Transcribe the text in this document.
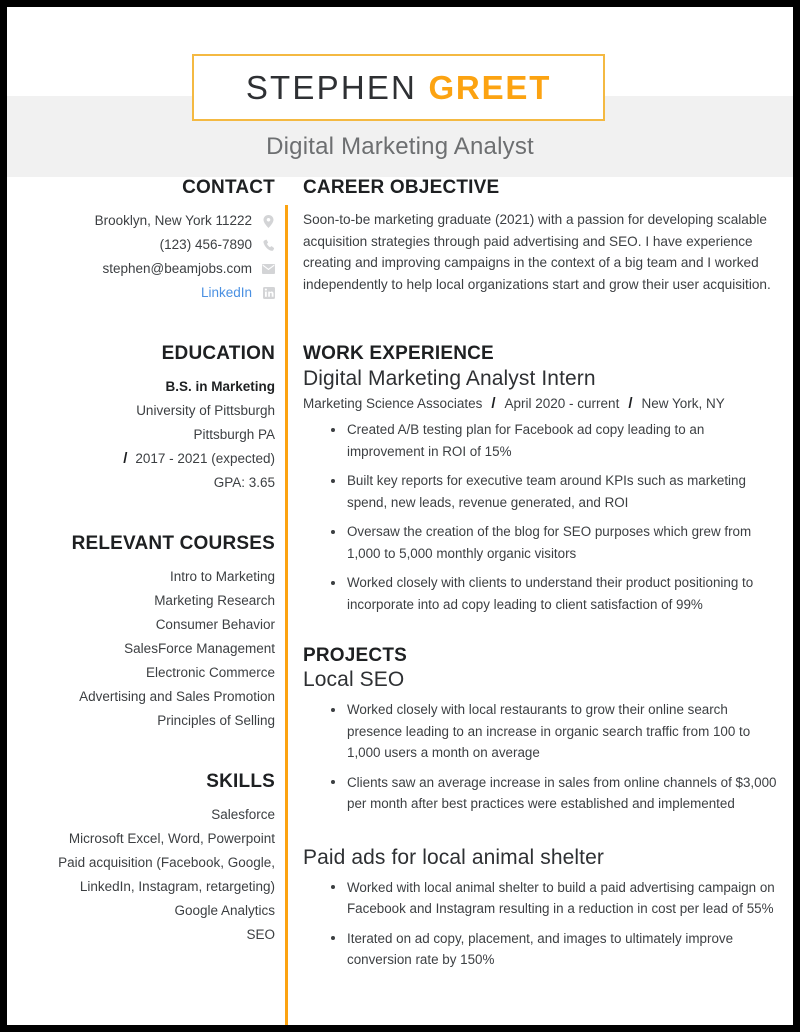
STEPHEN GREET
Digital Marketing Analyst
CONTACT
Brooklyn, New York 11222
(123) 456-7890
stephen@beamjobs.com
LinkedIn
EDUCATION
B.S. in Marketing
University of Pittsburgh
Pittsburgh PA
/ 2017 - 2021 (expected)
GPA: 3.65
RELEVANT COURSES
Intro to Marketing
Marketing Research
Consumer Behavior
SalesForce Management
Electronic Commerce
Advertising and Sales Promotion
Principles of Selling
SKILLS
Salesforce
Microsoft Excel, Word, Powerpoint
Paid acquisition (Facebook, Google, LinkedIn, Instagram, retargeting)
Google Analytics
SEO
CAREER OBJECTIVE
Soon-to-be marketing graduate (2021) with a passion for developing scalable acquisition strategies through paid advertising and SEO. I have experience creating and improving campaigns in the context of a big team and I worked independently to help local organizations start and grow their user acquisition.
WORK EXPERIENCE
Digital Marketing Analyst Intern
Marketing Science Associates / April 2020 - current / New York, NY
Created A/B testing plan for Facebook ad copy leading to an improvement in ROI of 15%
Built key reports for executive team around KPIs such as marketing spend, new leads, revenue generated, and ROI
Oversaw the creation of the blog for SEO purposes which grew from 1,000 to 5,000 monthly organic visitors
Worked closely with clients to understand their product positioning to incorporate into ad copy leading to client satisfaction of 99%
PROJECTS
Local SEO
Worked closely with local restaurants to grow their online search presence leading to an increase in organic search traffic from 100 to 1,000 users a month on average
Clients saw an average increase in sales from online channels of $3,000 per month after best practices were established and implemented
Paid ads for local animal shelter
Worked with local animal shelter to build a paid advertising campaign on Facebook and Instagram resulting in a reduction in cost per lead of 55%
Iterated on ad copy, placement, and images to ultimately improve conversion rate by 150%
